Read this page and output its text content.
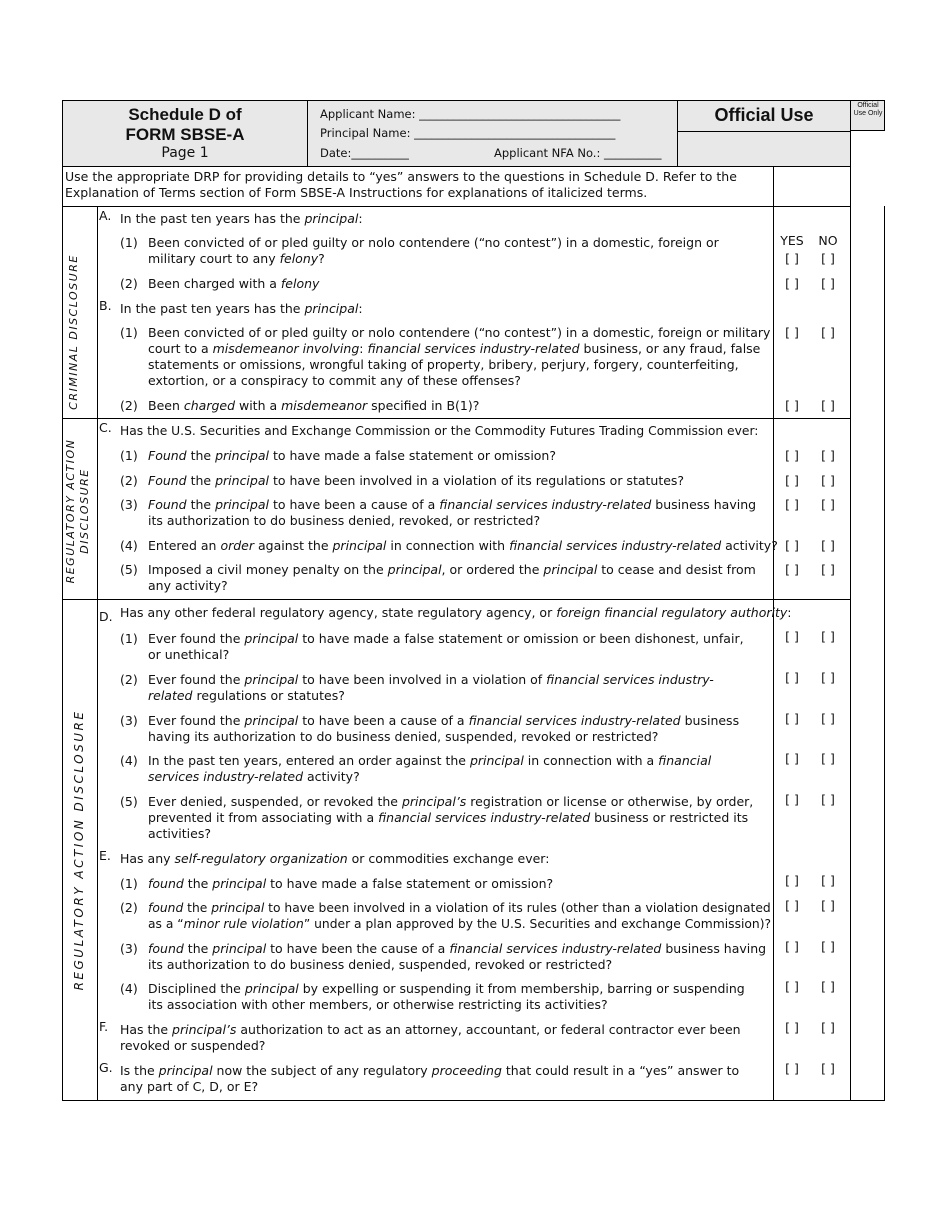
Schedule D of
FORM SBSE-A
Page 1
Applicant Name: ___________________________________
Principal Name: ___________________________________
Date:__________	Applicant NFA No.: __________
Official Use	Official Use Only
Use the appropriate DRP for providing details to “yes” answers to the questions in Schedule D. Refer to the Explanation of Terms section of Form SBSE-A Instructions for explanations of italicized terms.
CRIMINAL DISCLOSURE
REGULATORY ACTION DISCLOSURE
REGULATORY ACTION DISCLOSURE
YES NO
A. In the past ten years has the principal:
(1) Been convicted of or pled guilty or nolo contendere (“no contest”) in a domestic, foreign or military court to any felony?	[ ] [ ]
(2) Been charged with a felony	[ ] [ ]
B. In the past ten years has the principal:
(1) Been convicted of or pled guilty or nolo contendere (“no contest”) in a domestic, foreign or military court to a misdemeanor involving: financial services industry-related business, or any fraud, false statements or omissions, wrongful taking of property, bribery, perjury, forgery, counterfeiting, extortion, or a conspiracy to commit any of these offenses?
[ ] [ ]
(2) Been charged with a misdemeanor specified in B(1)?	[ ] [ ]
C. Has the U.S. Securities and Exchange Commission or the Commodity Futures Trading Commission ever:
(1) Found the principal to have made a false statement or omission?	[ ] [ ]
(2) Found the principal to have been involved in a violation of its regulations or statutes?	[ ] [ ]
(3) Found the principal to have been a cause of a financial services industry-related business having its authorization to do business denied, revoked, or restricted?
[ ] [ ]
(4) Entered an order against the principal in connection with financial services industry-related activity? [ ] [ ]
(5) Imposed a civil money penalty on the principal, or ordered the principal to cease and desist from any activity?
[ ] [ ]
D. Has any other federal regulatory agency, state regulatory agency, or foreign financial regulatory authority:
(1) Ever found the principal to have made a false statement or omission or been dishonest, unfair, or unethical?
[ ] [ ]
(2) Ever found the principal to have been involved in a violation of financial services industry-related regulations or statutes?
[ ] [ ]
(3) Ever found the principal to have been a cause of a financial services industry-related business having its authorization to do business denied, suspended, revoked or restricted?
[ ] [ ]
(4) In the past ten years, entered an order against the principal in connection with a financial services industry-related activity?
[ ] [ ]
(5) Ever denied, suspended, or revoked the principal’s registration or license or otherwise, by order, prevented it from associating with a financial services industry-related business or restricted its activities?
[ ] [ ]
E. Has any self-regulatory organization or commodities exchange ever:
(1) found the principal to have made a false statement or omission?	[ ] [ ]
(2) found the principal to have been involved in a violation of its rules (other than a violation designated as a “minor rule violation” under a plan approved by the U.S. Securities and exchange Commission)?
[ ] [ ]
(3) found the principal to have been the cause of a financial services industry-related business having its authorization to do business denied, suspended, revoked or restricted?
[ ] [ ]
(4) Disciplined the principal by expelling or suspending it from membership, barring or suspending its association with other members, or otherwise restricting its activities?
[ ] [ ]
F. Has the principal’s authorization to act as an attorney, accountant, or federal contractor ever been revoked or suspended?
[ ] [ ]
G. Is the principal now the subject of any regulatory proceeding that could result in a “yes” answer to any part of C, D, or E?
[ ] [ ]
